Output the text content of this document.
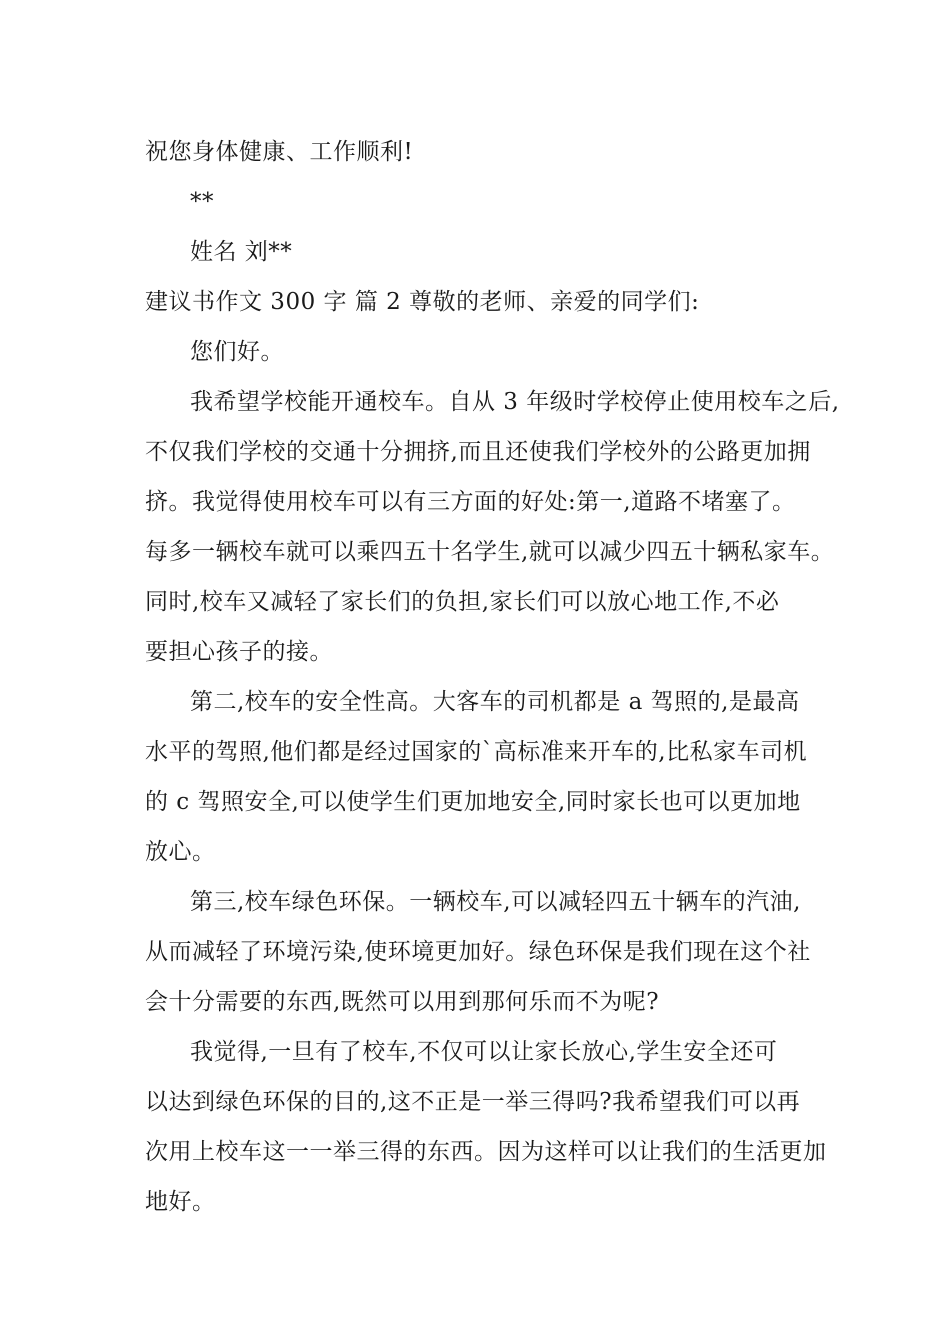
祝您身体健康、工作顺利!
**
姓名 刘**
建议书作文 300 字 篇 2 尊敬的老师、亲爱的同学们:
您们好。
我希望学校能开通校车。自从 3 年级时学校停止使用校车之后,
不仅我们学校的交通十分拥挤,而且还使我们学校外的公路更加拥
挤。我觉得使用校车可以有三方面的好处:第一,道路不堵塞了。
每多一辆校车就可以乘四五十名学生,就可以减少四五十辆私家车。
同时,校车又减轻了家长们的负担,家长们可以放心地工作,不必
要担心孩子的接。
第二,校车的安全性高。大客车的司机都是 a 驾照的,是最高
水平的驾照,他们都是经过国家的`高标准来开车的,比私家车司机
的 c 驾照安全,可以使学生们更加地安全,同时家长也可以更加地
放心。
第三,校车绿色环保。一辆校车,可以减轻四五十辆车的汽油,
从而减轻了环境污染,使环境更加好。绿色环保是我们现在这个社
会十分需要的东西,既然可以用到那何乐而不为呢?
我觉得,一旦有了校车,不仅可以让家长放心,学生安全还可
以达到绿色环保的目的,这不正是一举三得吗?我希望我们可以再
次用上校车这一一举三得的东西。因为这样可以让我们的生活更加
地好。
